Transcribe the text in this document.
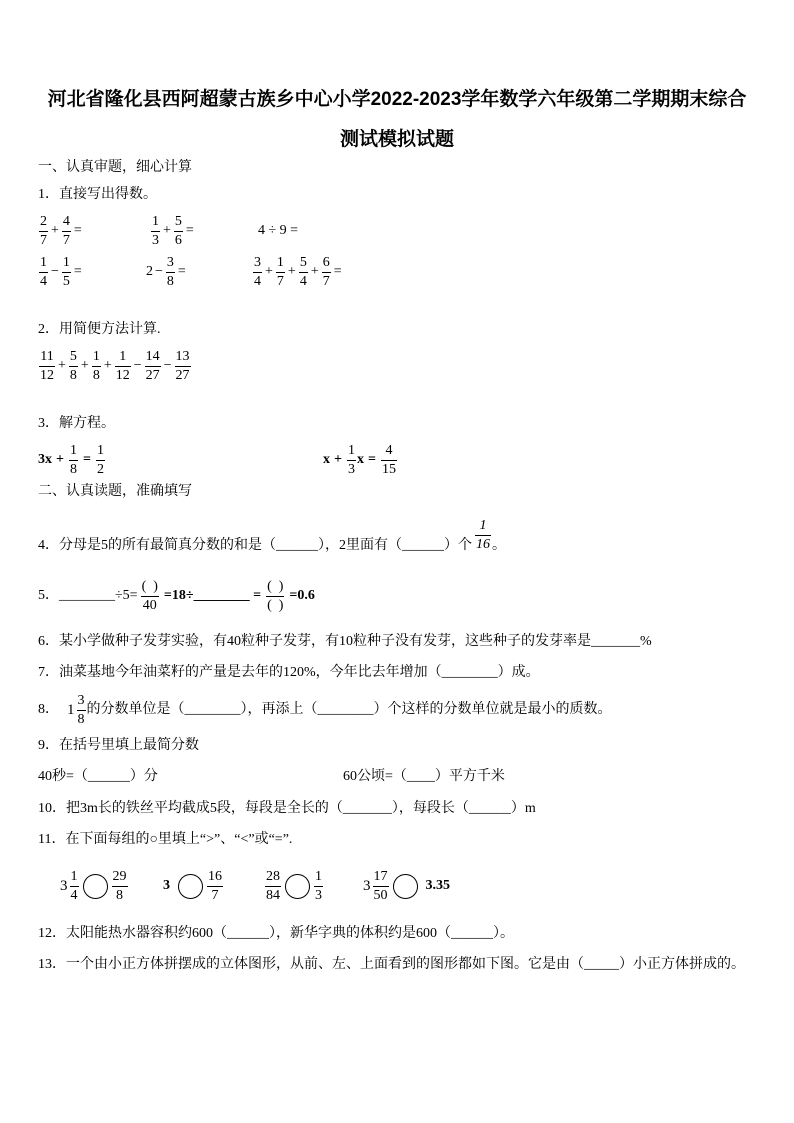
河北省隆化县西阿超蒙古族乡中心小学2022-2023学年数学六年级第二学期期末综合
测试模拟试题
一、认真审题，细心计算
1．直接写出得数。
$\frac{2}{7} + \frac{4}{7}$ =	$\frac{1}{3} + \frac{5}{6}$ =	4 ÷ 9 =
$\frac{1}{4} - \frac{1}{5}$ =	$2 - \frac{3}{8}$ =	$\frac{3}{4} + \frac{1}{7} + \frac{5}{4} + \frac{6}{7}$ =
2．用简便方法计算.
$\frac{11}{12} + \frac{5}{8} + \frac{1}{8} + \frac{1}{12} - \frac{14}{27} - \frac{13}{27}$
3．解方程。
$3x + \frac{1}{8} = \frac{1}{2}$	$x + \frac{1}{3}$ $x = \frac{4}{15}$
二、认真读题，准确填写
4．分母是5的所有最简真分数的和是（______），2里面有（______）个 $\frac{1}{16}$ 。
5．________÷5= $\frac{( )}{40}$ =18÷________ = $\frac{( )}{( )} =0.6$
6．某小学做种子发芽实验，有40粒种子发芽，有10粒种子没有发芽，这些种子的发芽率是_______%
7．油菜基地今年油菜籽的产量是去年的120%，今年比去年增加（________）成。
8． $1 \frac{3}{8}$ 的分数单位是（________），再添上（________）个这样的分数单位就是最小的质数。
9．在括号里填上最简分数
40秒=（______）分	60公顷=（____）平方千米
10．把3m长的铁丝平均截成5段，每段是全长的（_______），每段长（______）m
11．在下面每组的○里填上“>”、“<”或“=”.
$3 \frac{1}{4} \frac{29}{8}$	3	$\frac{16}{7}$	$\frac{28}{84} \frac{1}{3}$	$3 \frac{17}{50}$	3.35
12．太阳能热水器容积约600（______），新华字典的体积约是600（______）。
13．一个由小正方体拼摆成的立体图形，从前、左、上面看到的图形都如下图。它是由（_____）小正方体拼成的。
